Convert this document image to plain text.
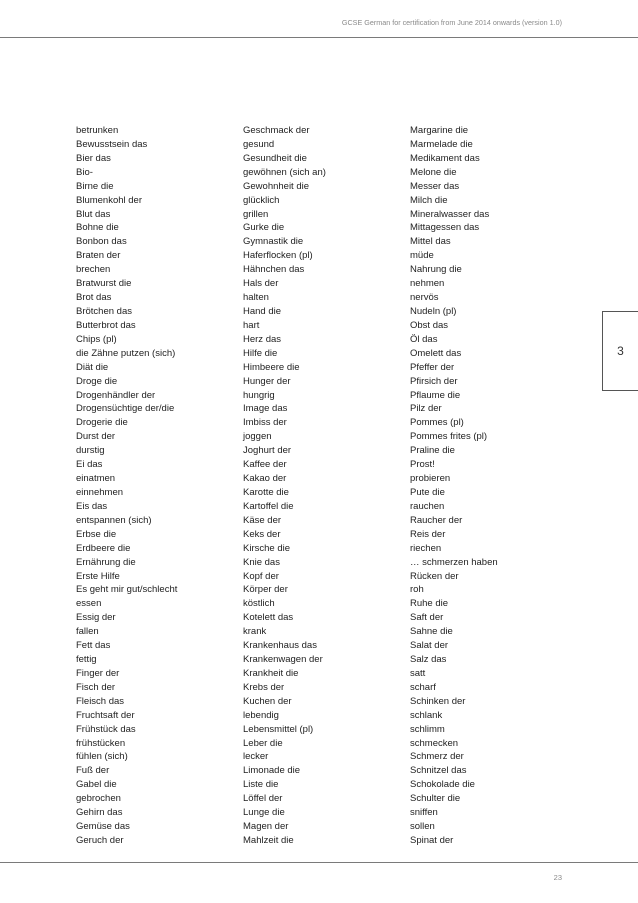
GCSE German for certification from June 2014 onwards (version 1.0)
betrunken
Bewusstsein das
Bier das
Bio-
Birne die
Blumenkohl der
Blut das
Bohne die
Bonbon das
Braten der
brechen
Bratwurst die
Brot das
Brötchen das
Butterbrot das
Chips (pl)
die Zähne putzen (sich)
Diät die
Droge die
Drogenhändler der
Drogensüchtige der/die
Drogerie die
Durst der
durstig
Ei das
einatmen
einnehmen
Eis das
entspannen (sich)
Erbse die
Erdbeere die
Ernährung die
Erste Hilfe
Es geht mir gut/schlecht
essen
Essig der
fallen
Fett das
fettig
Finger der
Fisch der
Fleisch das
Fruchtsaft der
Frühstück das
frühstücken
fühlen (sich)
Fuß der
Gabel die
gebrochen
Gehirn das
Gemüse das
Geruch der
Geschmack der
gesund
Gesundheit die
gewöhnen (sich an)
Gewohnheit die
glücklich
grillen
Gurke die
Gymnastik die
Haferflocken (pl)
Hähnchen das
Hals der
halten
Hand die
hart
Herz das
Hilfe die
Himbeere die
Hunger der
hungrig
Image das
Imbiss der
joggen
Joghurt der
Kaffee der
Kakao der
Karotte die
Kartoffel die
Käse der
Keks der
Kirsche die
Knie das
Kopf der
Körper der
köstlich
Kotelett das
krank
Krankenhaus das
Krankenwagen der
Krankheit die
Krebs der
Kuchen der
lebendig
Lebensmittel (pl)
Leber die
lecker
Limonade die
Liste die
Löffel der
Lunge die
Magen der
Mahlzeit die
Margarine die
Marmelade die
Medikament das
Melone die
Messer das
Milch die
Mineralwasser das
Mittagessen das
Mittel das
müde
Nahrung die
nehmen
nervös
Nudeln (pl)
Obst das
Öl das
Omelett das
Pfeffer der
Pfirsich der
Pflaume die
Pilz der
Pommes (pl)
Pommes frites (pl)
Praline die
Prost!
probieren
Pute die
rauchen
Raucher der
Reis der
riechen
… schmerzen haben
Rücken der
roh
Ruhe die
Saft der
Sahne die
Salat der
Salz das
satt
scharf
Schinken der
schlank
schlimm
schmecken
Schmerz der
Schnitzel das
Schokolade die
Schulter die
sniffen
sollen
Spinat der
3
23
